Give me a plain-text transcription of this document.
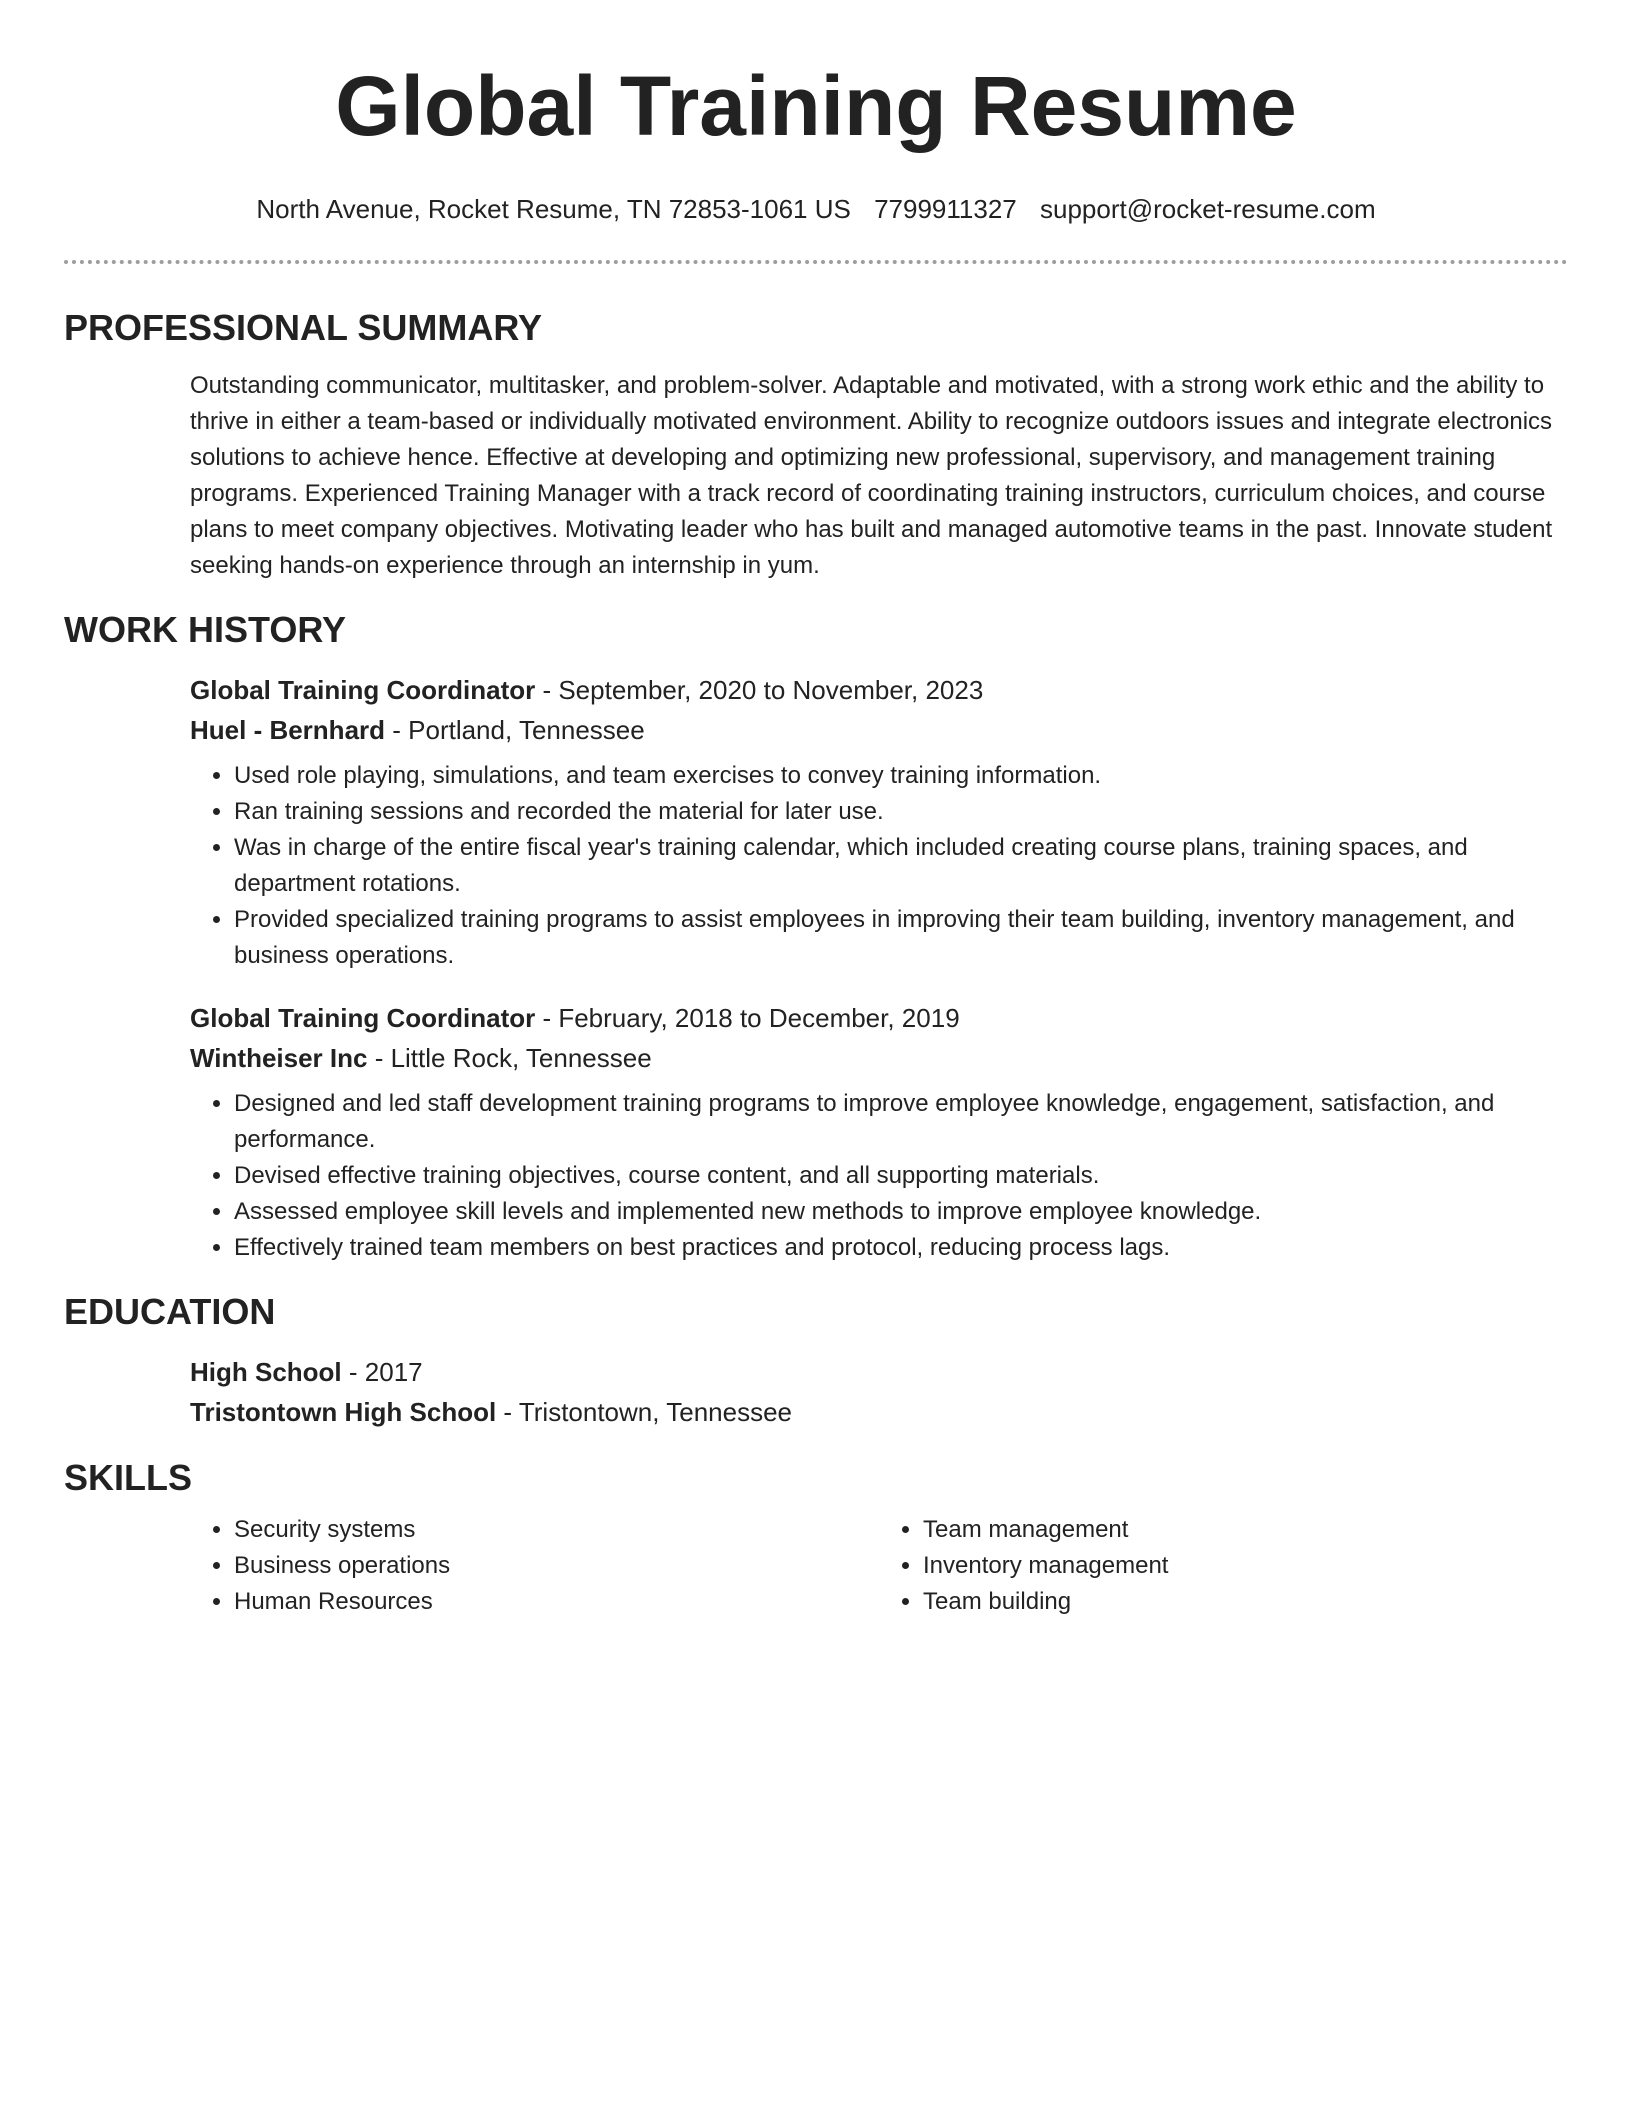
Global Training Resume
North Avenue, Rocket Resume, TN 72853-1061 US 7799911327 support@rocket-resume.com
PROFESSIONAL SUMMARY

Outstanding communicator, multitasker, and problem-solver. Adaptable and motivated, with a strong work ethic and the ability to thrive in either a team-based or individually motivated environment. Ability to recognize outdoors issues and integrate electronics solutions to achieve hence. Effective at developing and optimizing new professional, supervisory, and management training programs. Experienced Training Manager with a track record of coordinating training instructors, curriculum choices, and course plans to meet company objectives. Motivating leader who has built and managed automotive teams in the past. Innovate student seeking hands-on experience through an internship in yum.

WORK HISTORY
Global Training Coordinator - September, 2020 to November, 2023
Huel - Bernhard - Portland, Tennessee
• Used role playing, simulations, and team exercises to convey training information.
• Ran training sessions and recorded the material for later use.
• Was in charge of the entire fiscal year's training calendar, which included creating course plans, training spaces, and department rotations.
• Provided specialized training programs to assist employees in improving their team building, inventory management, and business operations.
Global Training Coordinator - February, 2018 to December, 2019
Wintheiser Inc - Little Rock, Tennessee
• Designed and led staff development training programs to improve employee knowledge, engagement, satisfaction, and performance.
• Devised effective training objectives, course content, and all supporting materials.
• Assessed employee skill levels and implemented new methods to improve employee knowledge.
• Effectively trained team members on best practices and protocol, reducing process lags.
EDUCATION
High School - 2017
Tristontown High School - Tristontown, Tennessee
SKILLS
• Security systems
• Business operations
• Human Resources
• Team management
• Inventory management
• Team building
